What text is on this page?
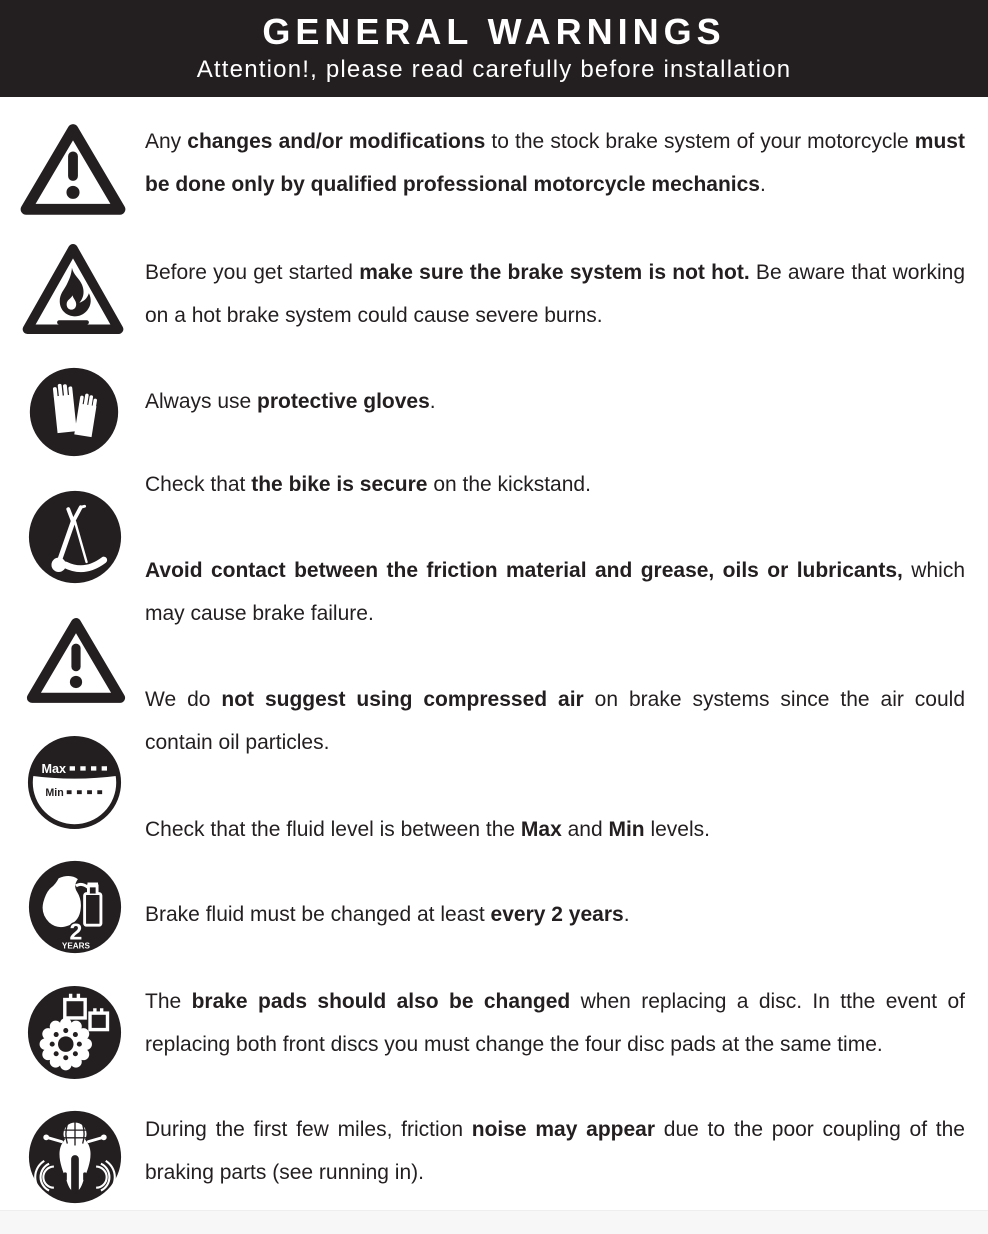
GENERAL WARNINGS
Attention!, please read carefully before installation

Any changes and/or modifications to the stock brake system of your motorcycle must be done only by qualified professional motorcycle mechanics.

Before you get started make sure the brake system is not hot. Be aware that working on a hot brake system could cause severe burns.

Always use protective gloves.

Check that the bike is secure on the kickstand.

Avoid contact between the friction material and grease, oils or lubricants, which may cause brake failure.

We do not suggest using compressed air on brake systems since the air could contain oil particles.

Max
Min

Check that the fluid level is between the Max and Min levels.

2
YEARS

Brake fluid must be changed at least every 2 years.

The brake pads should also be changed when replacing a disc. In tthe event of replacing both front discs you must change the four disc pads at the same time.

During the first few miles, friction noise may appear due to the poor coupling of the braking parts (see running in).
